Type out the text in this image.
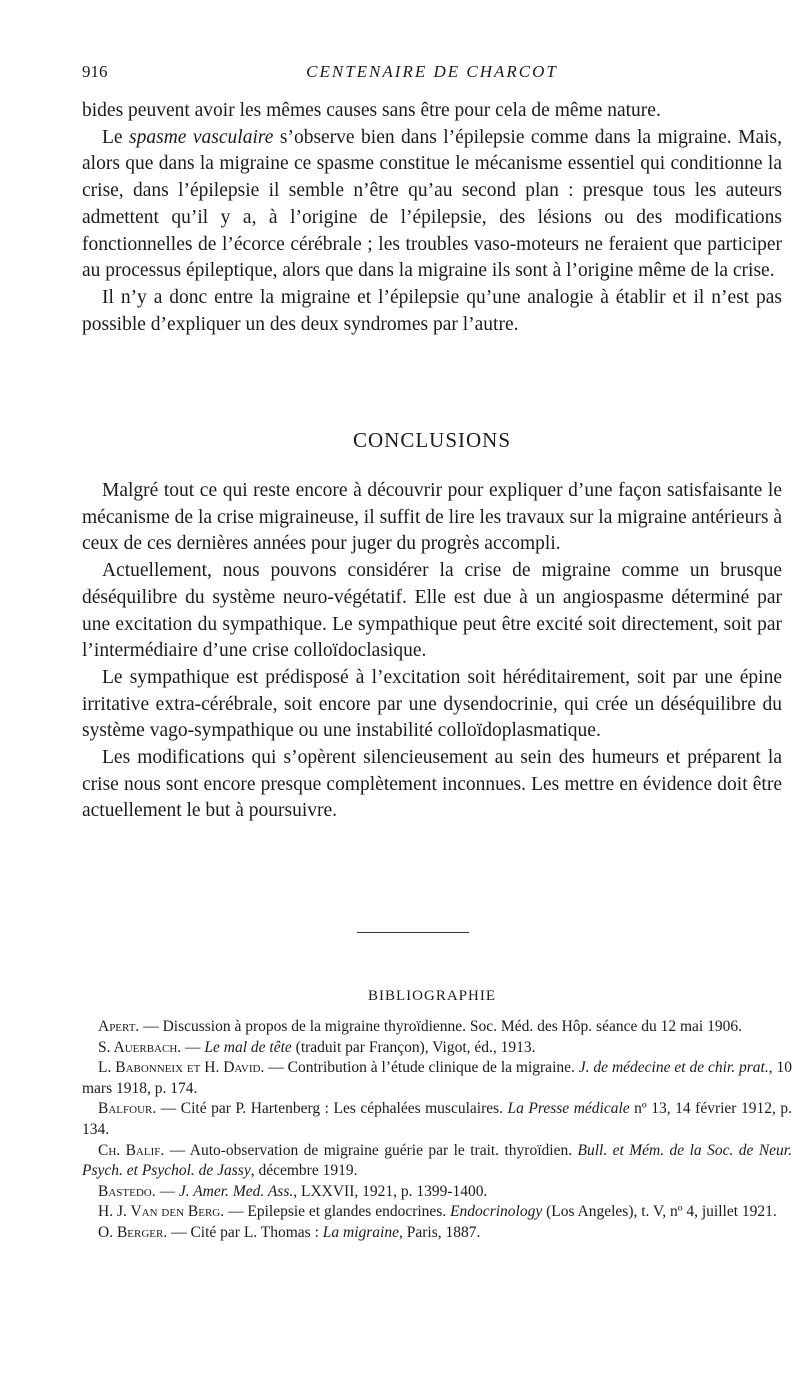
916	CENTENAIRE DE CHARCOT

bides peuvent avoir les mêmes causes sans être pour cela de même nature.

Le spasme vasculaire s’observe bien dans l’épilepsie comme dans la migraine. Mais, alors que dans la migraine ce spasme constitue le mécanisme essentiel qui conditionne la crise, dans l’épilepsie il semble n’être qu’au second plan : presque tous les auteurs admettent qu’il y a, à l’origine de l’épilepsie, des lésions ou des modifications fonctionnelles de l’écorce cérébrale ; les troubles vaso-moteurs ne feraient que participer au processus épileptique, alors que dans la migraine ils sont à l’origine même de la crise.

Il n’y a donc entre la migraine et l’épilepsie qu’une analogie à établir et il n’est pas possible d’expliquer un des deux syndromes par l’autre.

CONCLUSIONS

Malgré tout ce qui reste encore à découvrir pour expliquer d’une façon satisfaisante le mécanisme de la crise migraineuse, il suffit de lire les travaux sur la migraine antérieurs à ceux de ces dernières années pour juger du progrès accompli.

Actuellement, nous pouvons considérer la crise de migraine comme un brusque déséquilibre du système neuro-végétatif. Elle est due à un angiospasme déterminé par une excitation du sympathique. Le sympathique peut être excité soit directement, soit par l’intermédiaire d’une crise colloïdoclasique.

Le sympathique est prédisposé à l’excitation soit héréditairement, soit par une épine irritative extra-cérébrale, soit encore par une dysendocrinie, qui crée un déséquilibre du système vago-sympathique ou une instabilité colloïdoplasmatique.

Les modifications qui s’opèrent silencieusement au sein des humeurs et préparent la crise nous sont encore presque complètement inconnues. Les mettre en évidence doit être actuellement le but à poursuivre.

BIBLIOGRAPHIE

Apert. — Discussion à propos de la migraine thyroïdienne. Soc. Méd. des Hôp. séance du 12 mai 1906.

S. Auerbach. — Le mal de tête (traduit par Françon), Vigot, éd., 1913.

L. Babonneix et H. David. — Contribution à l’étude clinique de la migraine. J. de médecine et de chir. prat., 10 mars 1918, p. 174.

Balfour. — Cité par P. Hartenberg : Les céphalées musculaires. La Presse médicale nº 13, 14 février 1912, p. 134.

Ch. Balif. — Auto-observation de migraine guérie par le trait. thyroïdien. Bull. et Mém. de la Soc. de Neur. Psych. et Psychol. de Jassy, décembre 1919.

Bastedo. — J. Amer. Med. Ass., LXXVII, 1921, p. 1399-1400.

H. J. Van den Berg. — Epilepsie et glandes endocrines. Endocrinology (Los Angeles), t. V, nº 4, juillet 1921.

O. Berger. — Cité par L. Thomas : La migraine, Paris, 1887.
